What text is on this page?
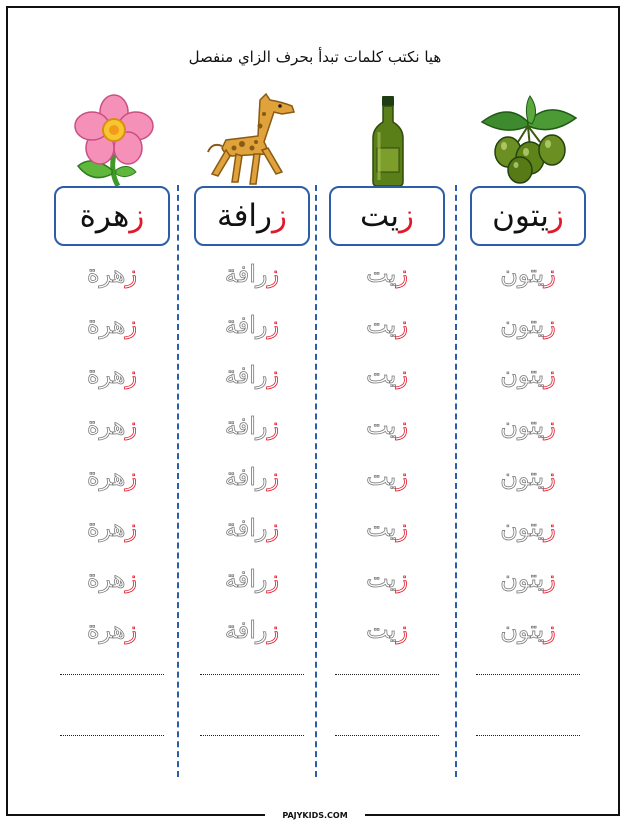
هيا نكتب كلمات تبدأ بحرف الزاي منفصل
زهرة
زهرة
زهرة
زهرة
زهرة
زهرة
زهرة
زهرة
زهرة
زرافة
زرافة
زرافة
زرافة
زرافة
زرافة
زرافة
زرافة
زرافة
زيت
زيت
زيت
زيت
زيت
زيت
زيت
زيت
زيت
زيتون
زيتون
زيتون
زيتون
زيتون
زيتون
زيتون
زيتون
زيتون
PAJYKIDS.COM
